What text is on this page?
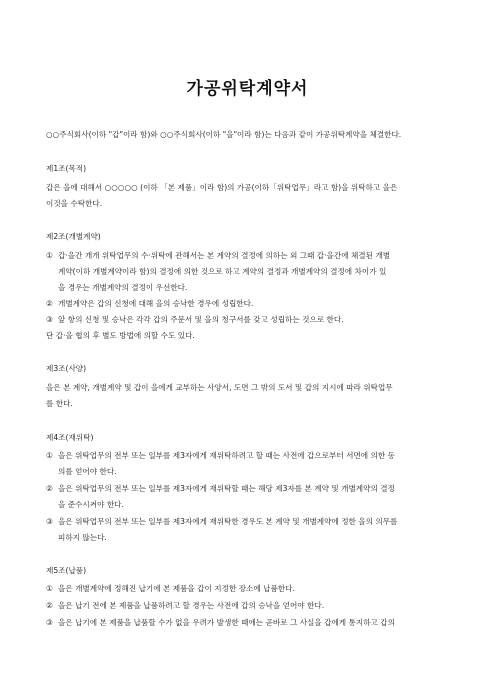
가공위탁계약서
○○주식회사(이하 "갑"이라 함)와 ○○주식회사(이하 "을"이라 함)는 다음과 같이 가공위탁계약을 체결한다.
제1조(목적)
갑은 을에 대해서 ○○○○○ (이하 「본 제품」이라 함)의 가공(이하「위탁업무」라고 함)을 위탁하고 을은
이것을 수탁한다.
제2조(개별계약)
① 갑·을간 개개 위탁업무의 수·위탁에 관해서는 본 계약의 결정에 의하는 외 그때 갑·을간에 체결된 개별
계약(이하 개별계약이라 함)의 결정에 의한 것으로 하고 계약의 결정과 개별계약의 결정에 차이가 있
을 경우는 개별계약의 결정이 우선한다.
② 개별계약은 갑의 신청에 대해 을의 승낙한 경우에 성립한다.
③ 앞 항의 신청 및 승낙은 각각 갑의 주문서 및 을의 청구서를 갖고 성립하는 것으로 한다.
단 갑·을 협의 후 별도 방법에 의할 수도 있다.
제3조(사양)
을은 본 계약, 개별계약 및 갑이 을에게 교부하는 사양서, 도면 그 밖의 도서 및 갑의 지시에 따라 위탁업무
를 한다.
제4조(재위탁)
① 을은 위탁업무의 전부 또는 일부를 제3자에게 재위탁하려고 할 때는 사전에 갑으로부터 서면에 의한 동
의를 얻어야 한다.
② 을은 위탁업무의 전부 또는 일부를 제3자에게 재위탁할 때는 해당 제3자를 본 계약 및 개별계약의 결정
을 준수시켜야 한다.
③ 을은 위탁업무의 전부 또는 일부를 제3자에게 재위탁한 경우도 본 계약 및 개별계약에 정한 을의 의무를
피하지 않는다.
제5조(납품)
① 을은 개별계약에 정해진 납기에 본 제품을 갑이 지정한 장소에 납품한다.
② 을은 납기 전에 본 제품을 납품하려고 할 경우는 사전에 갑의 승낙을 얻어야 한다.
③ 을은 납기에 본 제품을 납품할 수가 없을 우려가 발생한 때에는 곧바로 그 사실을 갑에게 통지하고 갑의
